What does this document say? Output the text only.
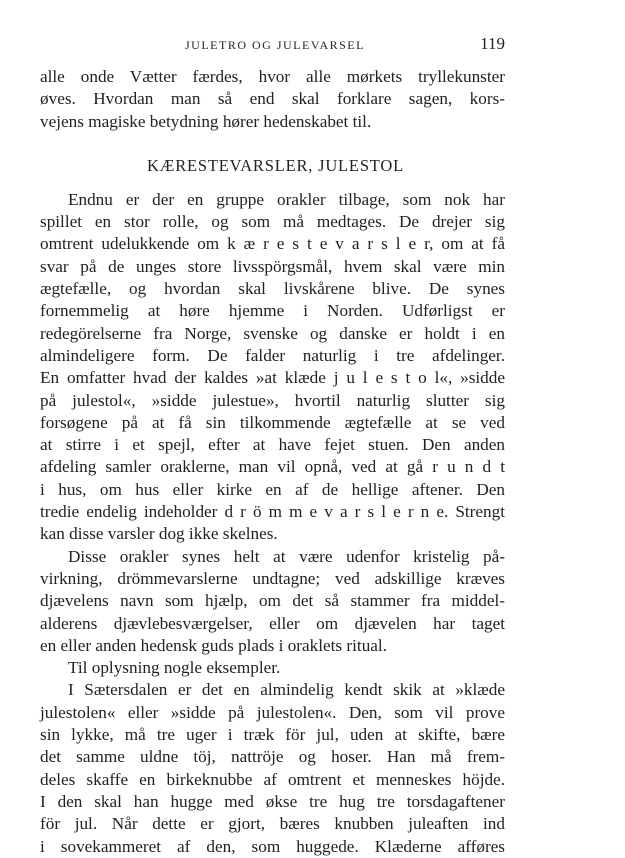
JULETRO OG JULEVARSEL	119
alle onde Vætter færdes, hvor alle mørkets tryllekunster
øves. Hvordan man så end skal forklare sagen, kors-
vejens magiske betydning hører hedenskabet til.
KÆRESTEVARSLER, JULESTOL
Endnu er der en gruppe orakler tilbage, som nok har
spillet en stor rolle, og som må medtages. De drejer sig
omtrent udelukkende om k æ r e s t e v a r s l e r, om at få
svar på de unges store livsspörgsmål, hvem skal være min
ægtefælle, og hvordan skal livskårene blive. De synes
fornemmelig at høre hjemme i Norden. Udførligst er
redegörelserne fra Norge, svenske og danske er holdt i en
almindeligere form. De falder naturlig i tre afdelinger.
En omfatter hvad der kaldes »at klæde j u l e s t o l«, »sidde
på julestol«, »sidde julestue», hvortil naturlig slutter sig
forsøgene på at få sin tilkommende ægtefælle at se ved
at stirre i et spejl, efter at have fejet stuen. Den anden
afdeling samler oraklerne, man vil opnå, ved at gå r u n d t
i hus, om hus eller kirke en af de hellige aftener. Den
tredie endelig indeholder d r ö m m e v a r s l e r n e. Strengt
kan disse varsler dog ikke skelnes.
Disse orakler synes helt at være udenfor kristelig på-
virkning, drömmevarslerne undtagne; ved adskillige kræves
djævelens navn som hjælp, om det så stammer fra middel-
alderens djævlebesværgelser, eller om djævelen har taget
en eller anden hedensk guds plads i oraklets ritual.
Til oplysning nogle eksempler.
I Sætersdalen er det en almindelig kendt skik at »klæde
julestolen« eller »sidde på julestolen«. Den, som vil prove
sin lykke, må tre uger i træk för jul, uden at skifte, bære
det samme uldne töj, nattröje og hoser. Han må frem-
deles skaffe en birkeknubbe af omtrent et menneskes höjde.
I den skal han hugge med økse tre hug tre torsdagaftener
för jul. Når dette er gjort, bæres knubben juleaften ind
i sovekammeret af den, som huggede. Klæderne afføres
